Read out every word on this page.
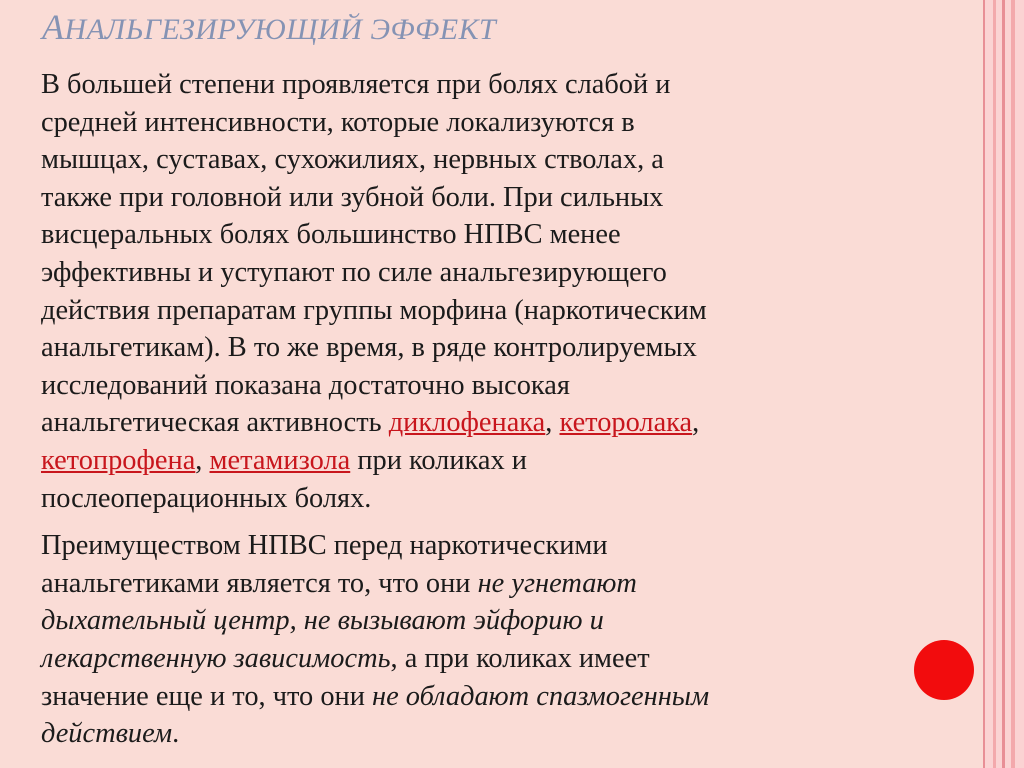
АНАЛЬГЕЗИРУЮЩИЙ ЭФФЕКТ
В большей степени проявляется при болях слабой и
средней интенсивности, которые локализуются в
мышцах, суставах, сухожилиях, нервных стволах, а
также при головной или зубной боли. При сильных
висцеральных болях большинство НПВС менее
эффективны и уступают по силе анальгезирующего
действия препаратам группы морфина (наркотическим
анальгетикам). В то же время, в ряде контролируемых
исследований показана достаточно высокая
анальгетическая активность диклофенака, кеторолака,
кетопрофена, метамизола при коликах и
послеоперационных болях.
Преимуществом НПВС перед наркотическими
анальгетиками является то, что они не угнетают
дыхательный центр, не вызывают эйфорию и
лекарственную зависимость, а при коликах имеет
значение еще и то, что они не обладают спазмогенным
действием.
